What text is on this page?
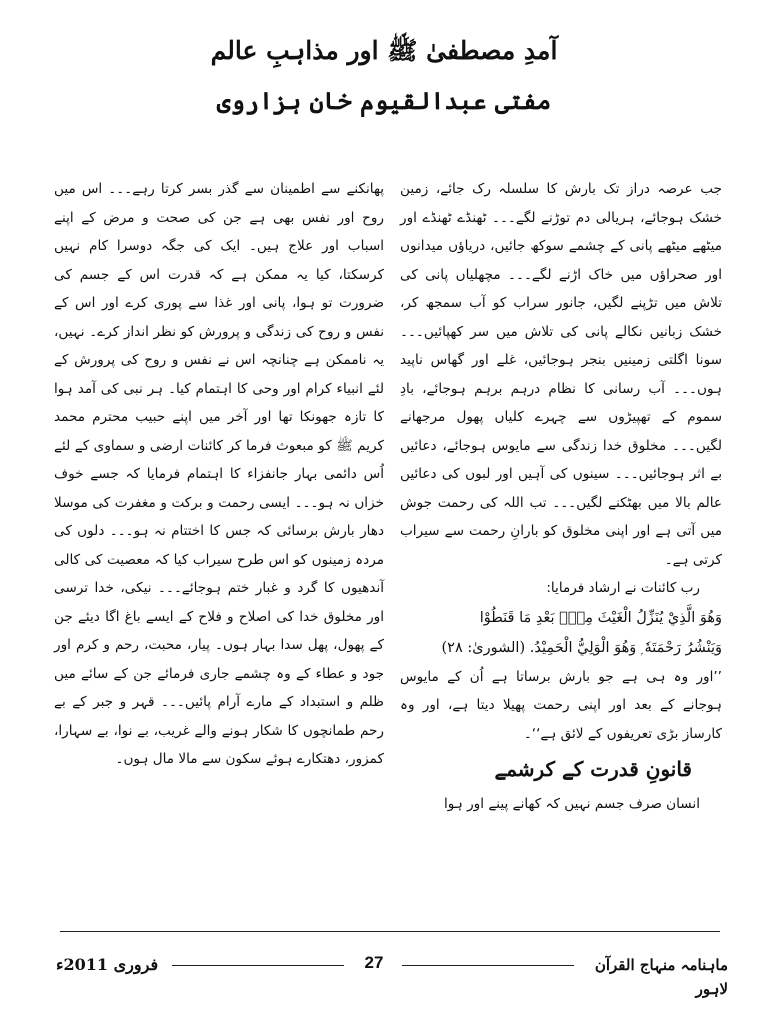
آمدِ مصطفیٰ ﷺ اور مذاہبِ عالم
مفتی عبدالقیوم خان ہزاروی

جب عرصہ دراز تک بارش کا سلسلہ رک جائے، زمین خشک ہوجائے، ہریالی دم توڑنے لگے۔۔۔ ٹھنڈے ٹھنڈے اور میٹھے میٹھے پانی کے چشمے سوکھ جائیں، دریاؤں میدانوں اور صحراؤں میں خاک اڑنے لگے۔۔۔ مچھلیاں پانی کی تلاش میں تڑپنے لگیں، جانور سراب کو آب سمجھ کر، خشک زبانیں نکالے پانی کی تلاش میں سر کھپائیں۔۔۔ سونا اگلتی زمینیں بنجر ہوجائیں، غلے اور گھاس ناپید ہوں۔۔۔ آب رسانی کا نظام درہم برہم ہوجائے، بادِ سموم کے تھپیڑوں سے چہرے کلیاں پھول مرجھانے لگیں۔۔۔ مخلوق خدا زندگی سے مایوس ہوجائے، دعائیں بے اثر ہوجائیں۔۔۔ سینوں کی آہیں اور لبوں کی دعائیں عالم بالا میں بھٹکنے لگیں۔۔۔ تب اللہ کی رحمت جوش میں آتی ہے اور اپنی مخلوق کو بارانِ رحمت سے سیراب کرتی ہے۔

رب کائنات نے ارشاد فرمایا:

وَهُوَ الَّذِيْ يُنَزِّلُ الْغَيْثَ مِنْۢ بَعْدِ مَا قَنَطُوْا

وَيَنْشُرُ رَحْمَتَهٗ ۭ وَهُوَ الْوَلِيُّ الْحَمِيْدُ. (الشوریٰ: ۲۸)

’’اور وہ ہی ہے جو بارش برساتا ہے اُن کے مایوس ہوجانے کے بعد اور اپنی رحمت پھیلا دیتا ہے، اور وہ کارساز بڑی تعریفوں کے لائق ہے‘‘۔

قانونِ قدرت کے کرشمے

انسان صرف جسم نہیں کہ کھانے پینے اور ہوا

پھانکنے سے اطمینان سے گذر بسر کرتا رہے۔۔۔ اس میں روح اور نفس بھی ہے جن کی صحت و مرض کے اپنے اسباب اور علاج ہیں۔ ایک کی جگہ دوسرا کام نہیں کرسکتا، کیا یہ ممکن ہے کہ قدرت اس کے جسم کی ضرورت تو ہوا، پانی اور غذا سے پوری کرے اور اس کے نفس و روح کی زندگی و پرورش کو نظر انداز کرے۔ نہیں، یہ ناممکن ہے چنانچہ اس نے نفس و روح کی پرورش کے لئے انبیاء کرام اور وحی کا اہتمام کیا۔ ہر نبی کی آمد ہوا کا تازہ جھونکا تھا اور آخر میں اپنے حبیب محترم محمد کریم ﷺ کو مبعوث فرما کر کائنات ارضی و سماوی کے لئے اُس دائمی بہار جانفزاء کا اہتمام فرمایا کہ جسے خوف خزاں نہ ہو۔۔۔ ایسی رحمت و برکت و مغفرت کی موسلا دھار بارش برسائی کہ جس کا اختتام نہ ہو۔۔۔ دلوں کی مردہ زمینوں کو اس طرح سیراب کیا کہ معصیت کی کالی آندھیوں کا گرد و غبار ختم ہوجائے۔۔۔ نیکی، خدا ترسی اور مخلوق خدا کی اصلاح و فلاح کے ایسے باغ اگا دیئے جن کے پھول، پھل سدا بہار ہوں۔ پیار، محبت، رحم و کرم اور جود و عطاء کے وہ چشمے جاری فرمائے جن کے سائے میں ظلم و استبداد کے مارے آرام پائیں۔۔۔ قہر و جبر کے بے رحم طمانچوں کا شکار ہونے والے غریب، بے نوا، بے سہارا، کمزور، دھتکارے ہوئے سکون سے مالا مال ہوں۔

فروری 2011ء	27	ماہنامہ منہاج القرآن لاہور
